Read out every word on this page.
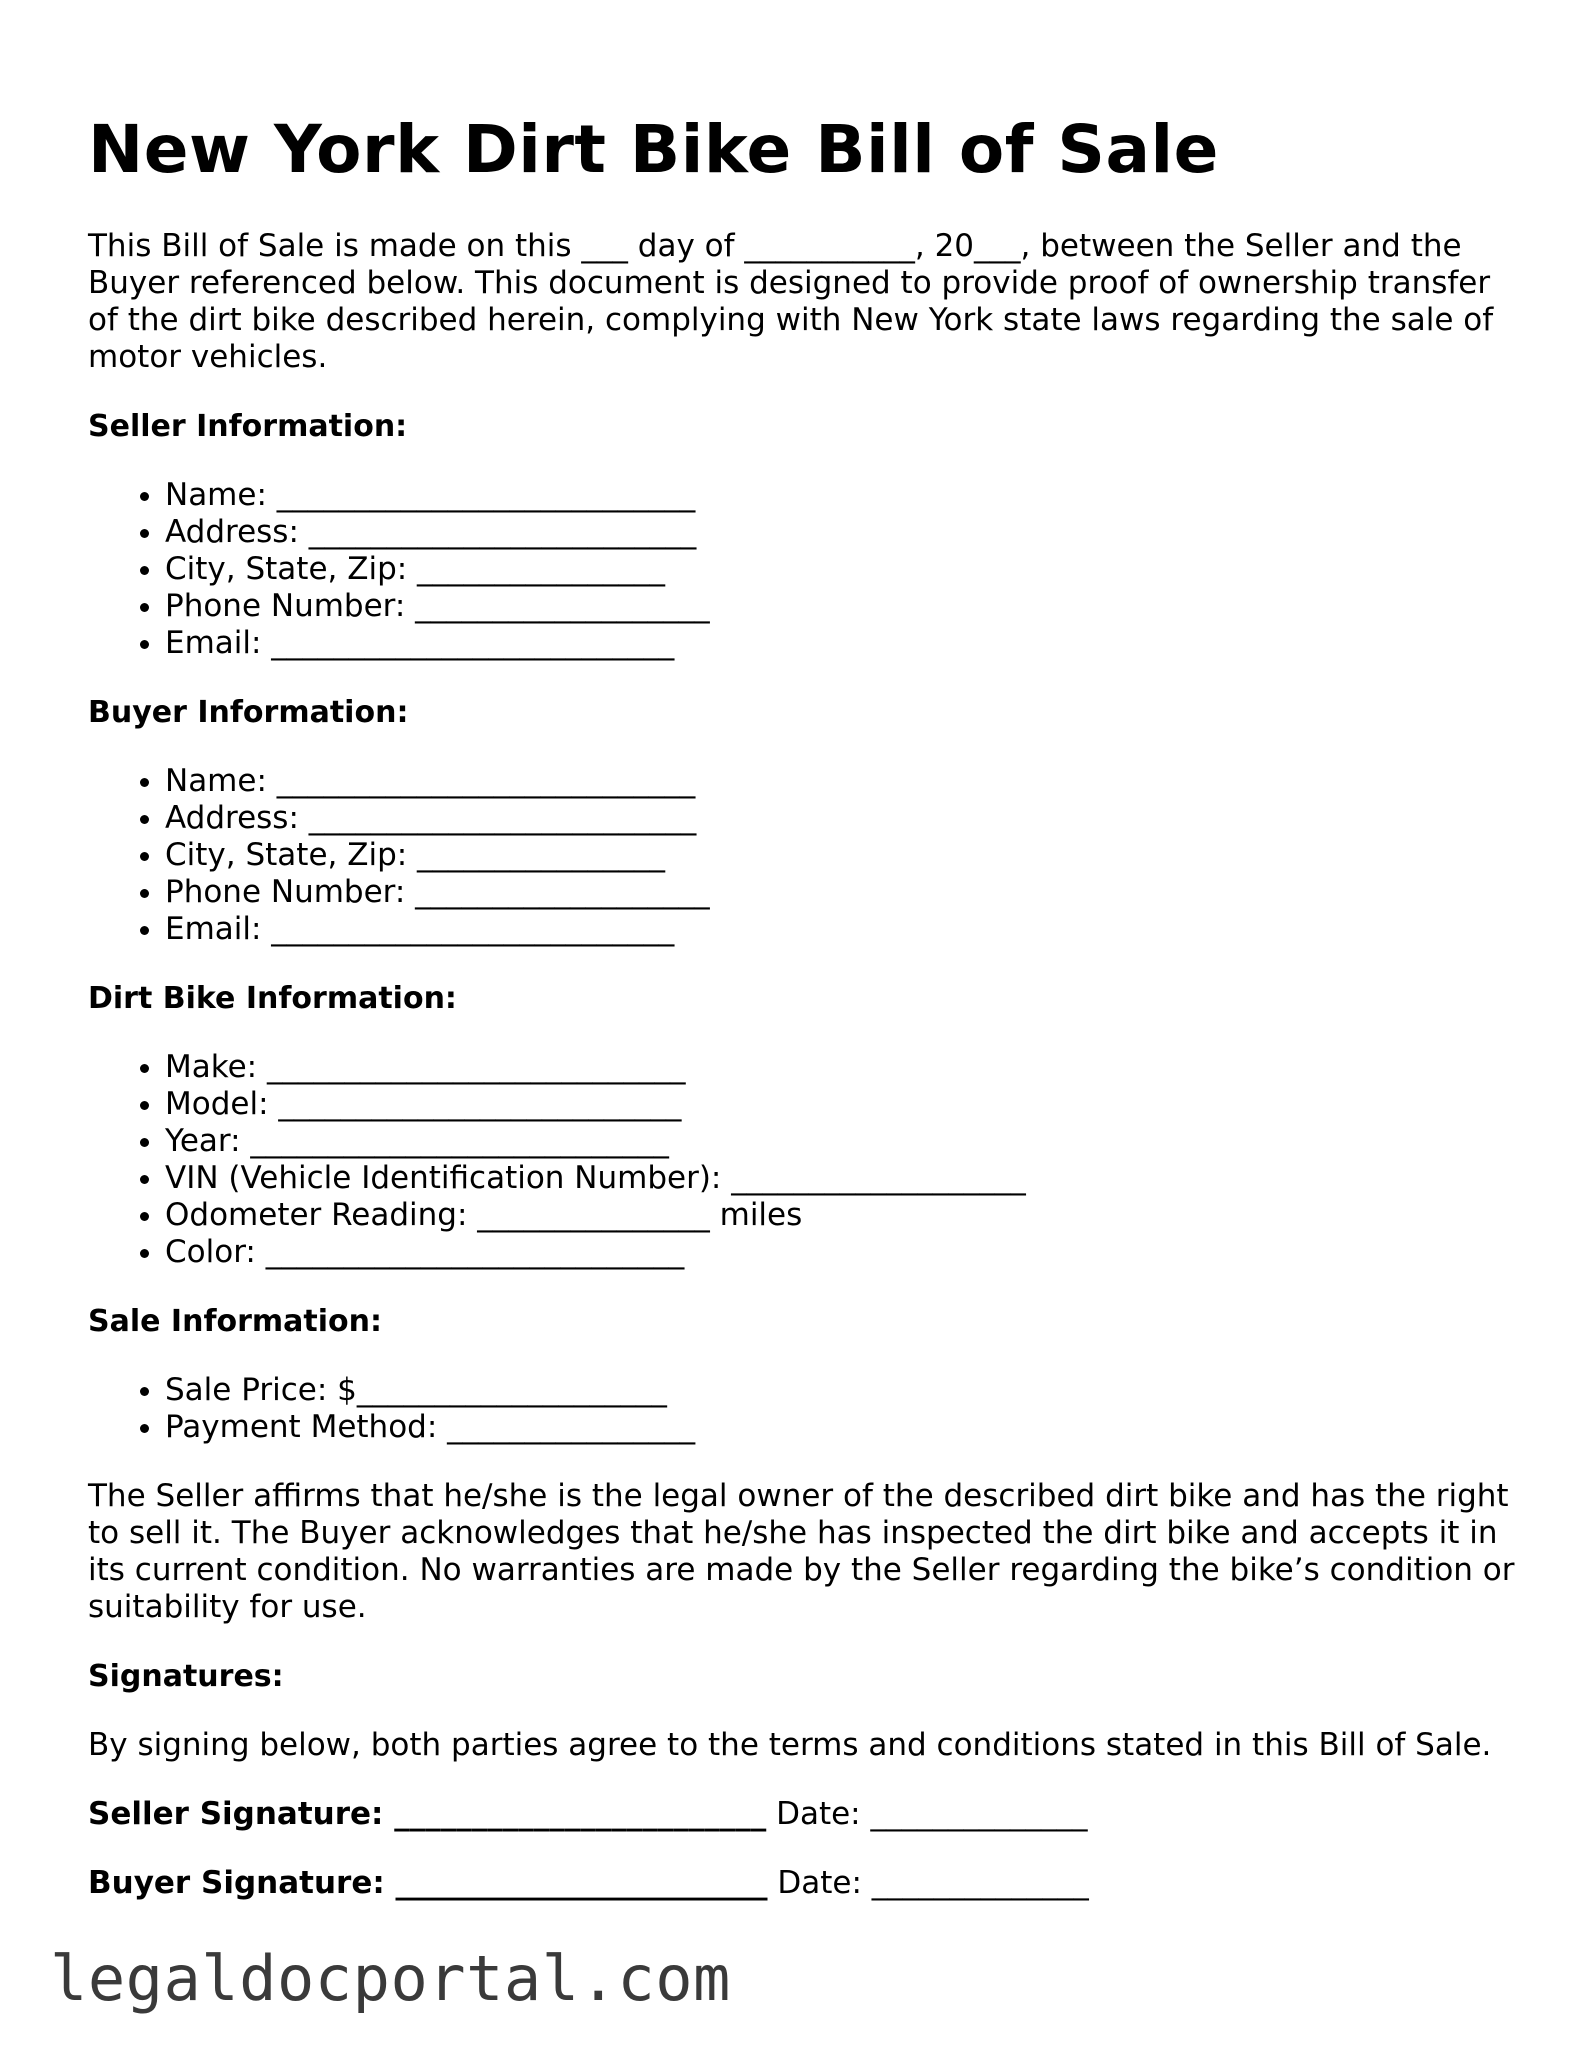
New York Dirt Bike Bill of Sale

This Bill of Sale is made on this ___ day of ___________, 20___, between the Seller and the Buyer referenced below. This document is designed to provide proof of ownership transfer of the dirt bike described herein, complying with New York state laws regarding the sale of motor vehicles.

Seller Information:
• Name: ___________________________
• Address: _________________________
• City, State, Zip: ________________
• Phone Number: ___________________
• Email: __________________________
Buyer Information:
• Name: ___________________________
• Address: _________________________
• City, State, Zip: ________________
• Phone Number: ___________________
• Email: __________________________
Dirt Bike Information:
• Make: ___________________________
• Model: __________________________
• Year: ___________________________
• VIN (Vehicle Identification Number): ___________________
• Odometer Reading: _______________ miles
• Color: ___________________________
Sale Information:
• Sale Price: $____________________
• Payment Method: ________________

The Seller affirms that he/she is the legal owner of the described dirt bike and has the right to sell it. The Buyer acknowledges that he/she has inspected the dirt bike and accepts it in its current condition. No warranties are made by the Seller regarding the bike’s condition or suitability for use.

Signatures:

By signing below, both parties agree to the terms and conditions stated in this Bill of Sale.

Seller Signature: ________________________ Date: ______________
Buyer Signature: ________________________ Date: ______________
legaldocportal.com
